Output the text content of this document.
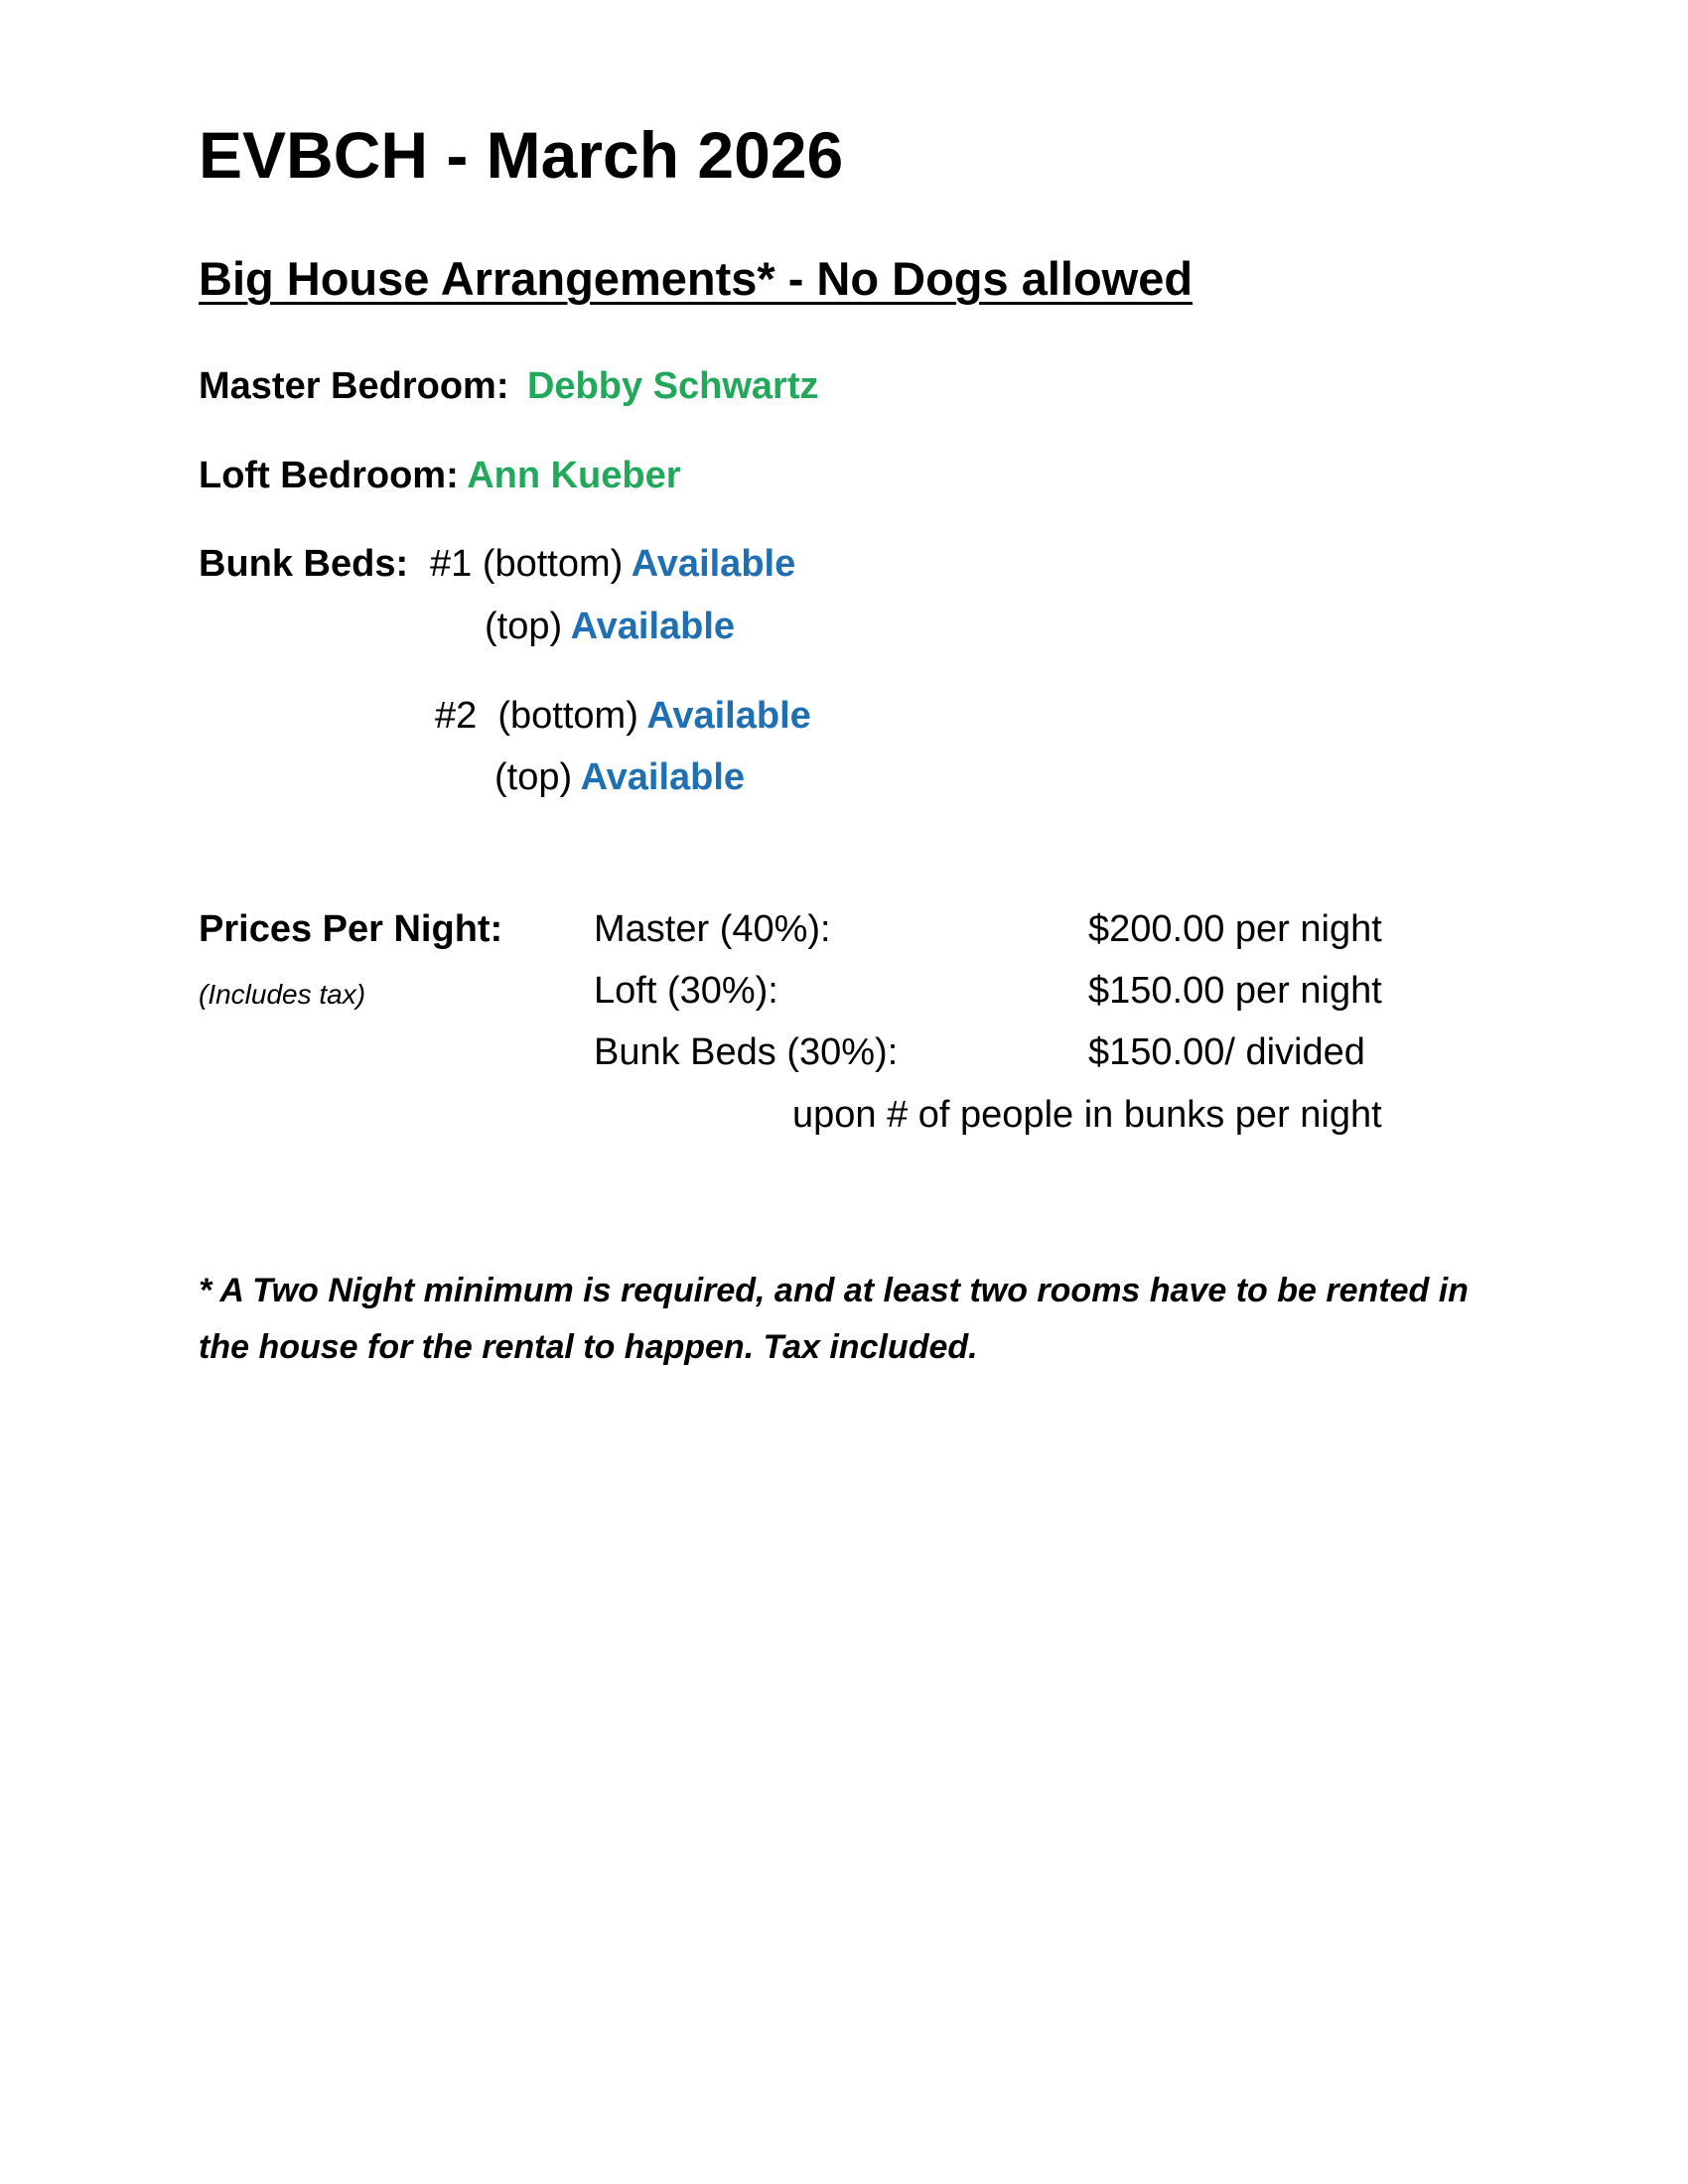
EVBCH - March 2026
Big House Arrangements* - No Dogs allowed
Master Bedroom: Debby Schwartz
Loft Bedroom: Ann Kueber
Bunk Beds: #1 (bottom) Available
(top) Available
#2  (bottom) Available
(top) Available
Prices Per Night:
(Includes tax)
Master (40%):	$200.00 per night
Loft (30%):	$150.00 per night
Bunk Beds (30%):	$150.00/ divided
upon # of people in bunks per night
* A Two Night minimum is required, and at least two rooms have to be rented in the house for the rental to happen. Tax included.
